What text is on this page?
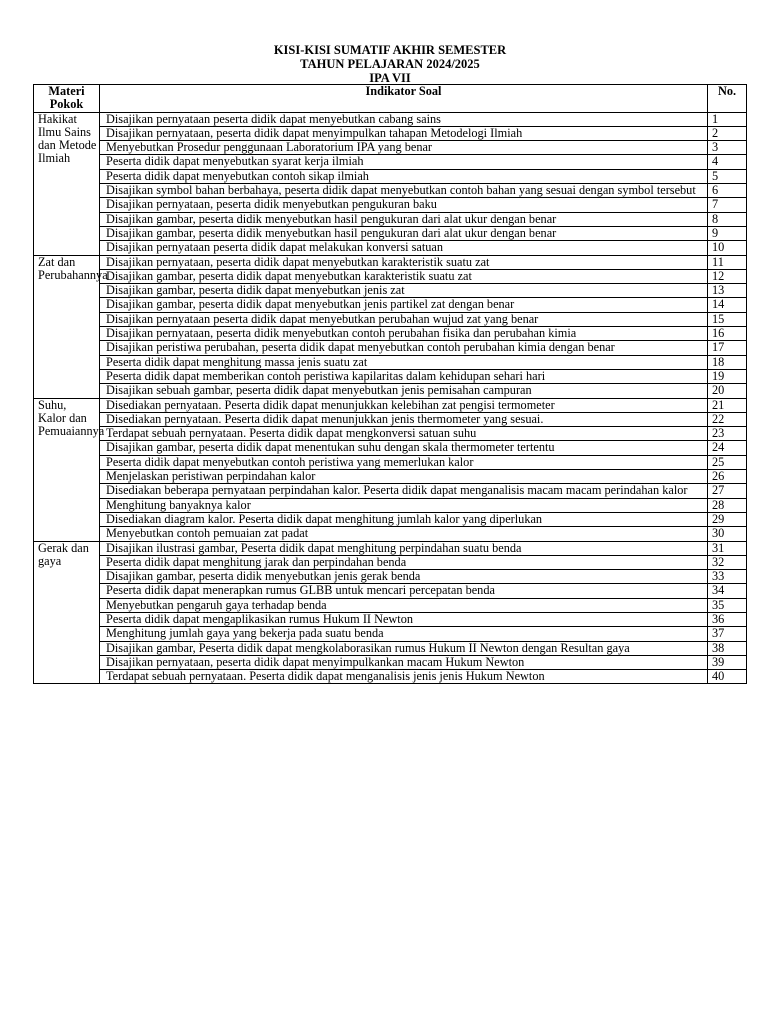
KISI-KISI SUMATIF AKHIR SEMESTER
TAHUN PELAJARAN 2024/2025
IPA VII
Materi Pokok	Indikator Soal	No.
Hakikat Ilmu Sains dan Metode Ilmiah	Disajikan pernyataan peserta didik dapat menyebutkan cabang sains	1
	Disajikan pernyataan, peserta didik dapat menyimpulkan tahapan Metodelogi Ilmiah	2
	Menyebutkan Prosedur penggunaan Laboratorium IPA yang benar	3
	Peserta didik dapat menyebutkan syarat kerja ilmiah	4
	Peserta didik dapat menyebutkan contoh sikap ilmiah	5
	Disajikan symbol bahan berbahaya, peserta didik dapat menyebutkan contoh bahan yang sesuai dengan symbol tersebut	6
	Disajikan pernyataan, peserta didik menyebutkan pengukuran baku	7
	Disajikan gambar, peserta didik menyebutkan hasil pengukuran dari alat ukur dengan benar	8
	Disajikan gambar, peserta didik menyebutkan hasil pengukuran dari alat ukur dengan benar	9
	Disajikan pernyataan peserta didik dapat melakukan konversi satuan	10
Zat dan Perubahannya	Disajikan pernyataan, peserta didik dapat menyebutkan karakteristik suatu zat	11
	Disajikan gambar, peserta didik dapat menyebutkan karakteristik suatu zat	12
	Disajikan gambar, peserta didik dapat menyebutkan jenis zat	13
	Disajikan gambar, peserta didik dapat menyebutkan jenis partikel zat dengan benar	14
	Disajikan pernyataan peserta didik dapat menyebutkan perubahan wujud zat yang benar	15
	Disajikan pernyataan, peserta didik menyebutkan contoh perubahan fisika dan perubahan kimia	16
	Disajikan peristiwa perubahan, peserta didik dapat menyebutkan contoh perubahan kimia dengan benar	17
	Peserta didik dapat menghitung massa jenis suatu zat	18
	Peserta didik dapat memberikan contoh peristiwa kapilaritas dalam kehidupan sehari hari	19
	Disajikan sebuah gambar, peserta didik dapat menyebutkan jenis pemisahan campuran	20
Suhu, Kalor dan Pemuaiannya	Disediakan pernyataan. Peserta didik dapat menunjukkan kelebihan zat pengisi termometer	21
	Disediakan pernyataan. Peserta didik dapat menunjukkan jenis thermometer yang sesuai.	22
	Terdapat sebuah pernyataan. Peserta didik dapat mengkonversi satuan suhu	23
	Disajikan gambar, peserta didik dapat menentukan suhu dengan skala thermometer tertentu	24
	Peserta didik dapat menyebutkan contoh peristiwa yang memerlukan kalor	25
	Menjelaskan peristiwan perpindahan kalor	26
	Disediakan beberapa pernyataan perpindahan kalor. Peserta didik dapat menganalisis macam macam perindahan kalor	27
	Menghitung banyaknya kalor	28
	Disediakan diagram kalor. Peserta didik dapat menghitung jumlah kalor yang diperlukan	29
	Menyebutkan contoh pemuaian zat padat	30
Gerak dan gaya	Disajikan ilustrasi gambar, Peserta didik dapat menghitung perpindahan suatu benda	31
	Peserta didik dapat menghitung jarak dan perpindahan benda	32
	Disajikan gambar, peserta didik menyebutkan jenis gerak benda	33
	Peserta didik dapat menerapkan rumus GLBB untuk mencari percepatan benda	34
	Menyebutkan pengaruh gaya terhadap benda	35
	Peserta didik dapat mengaplikasikan rumus Hukum II Newton	36
	Menghitung jumlah gaya yang bekerja pada suatu benda	37
	Disajikan gambar, Peserta didik dapat mengkolaborasikan rumus Hukum II Newton dengan Resultan gaya	38
	Disajikan pernyataan, peserta didik dapat menyimpulkankan macam Hukum Newton	39
	Terdapat sebuah pernyataan. Peserta didik dapat menganalisis jenis jenis Hukum Newton	40
